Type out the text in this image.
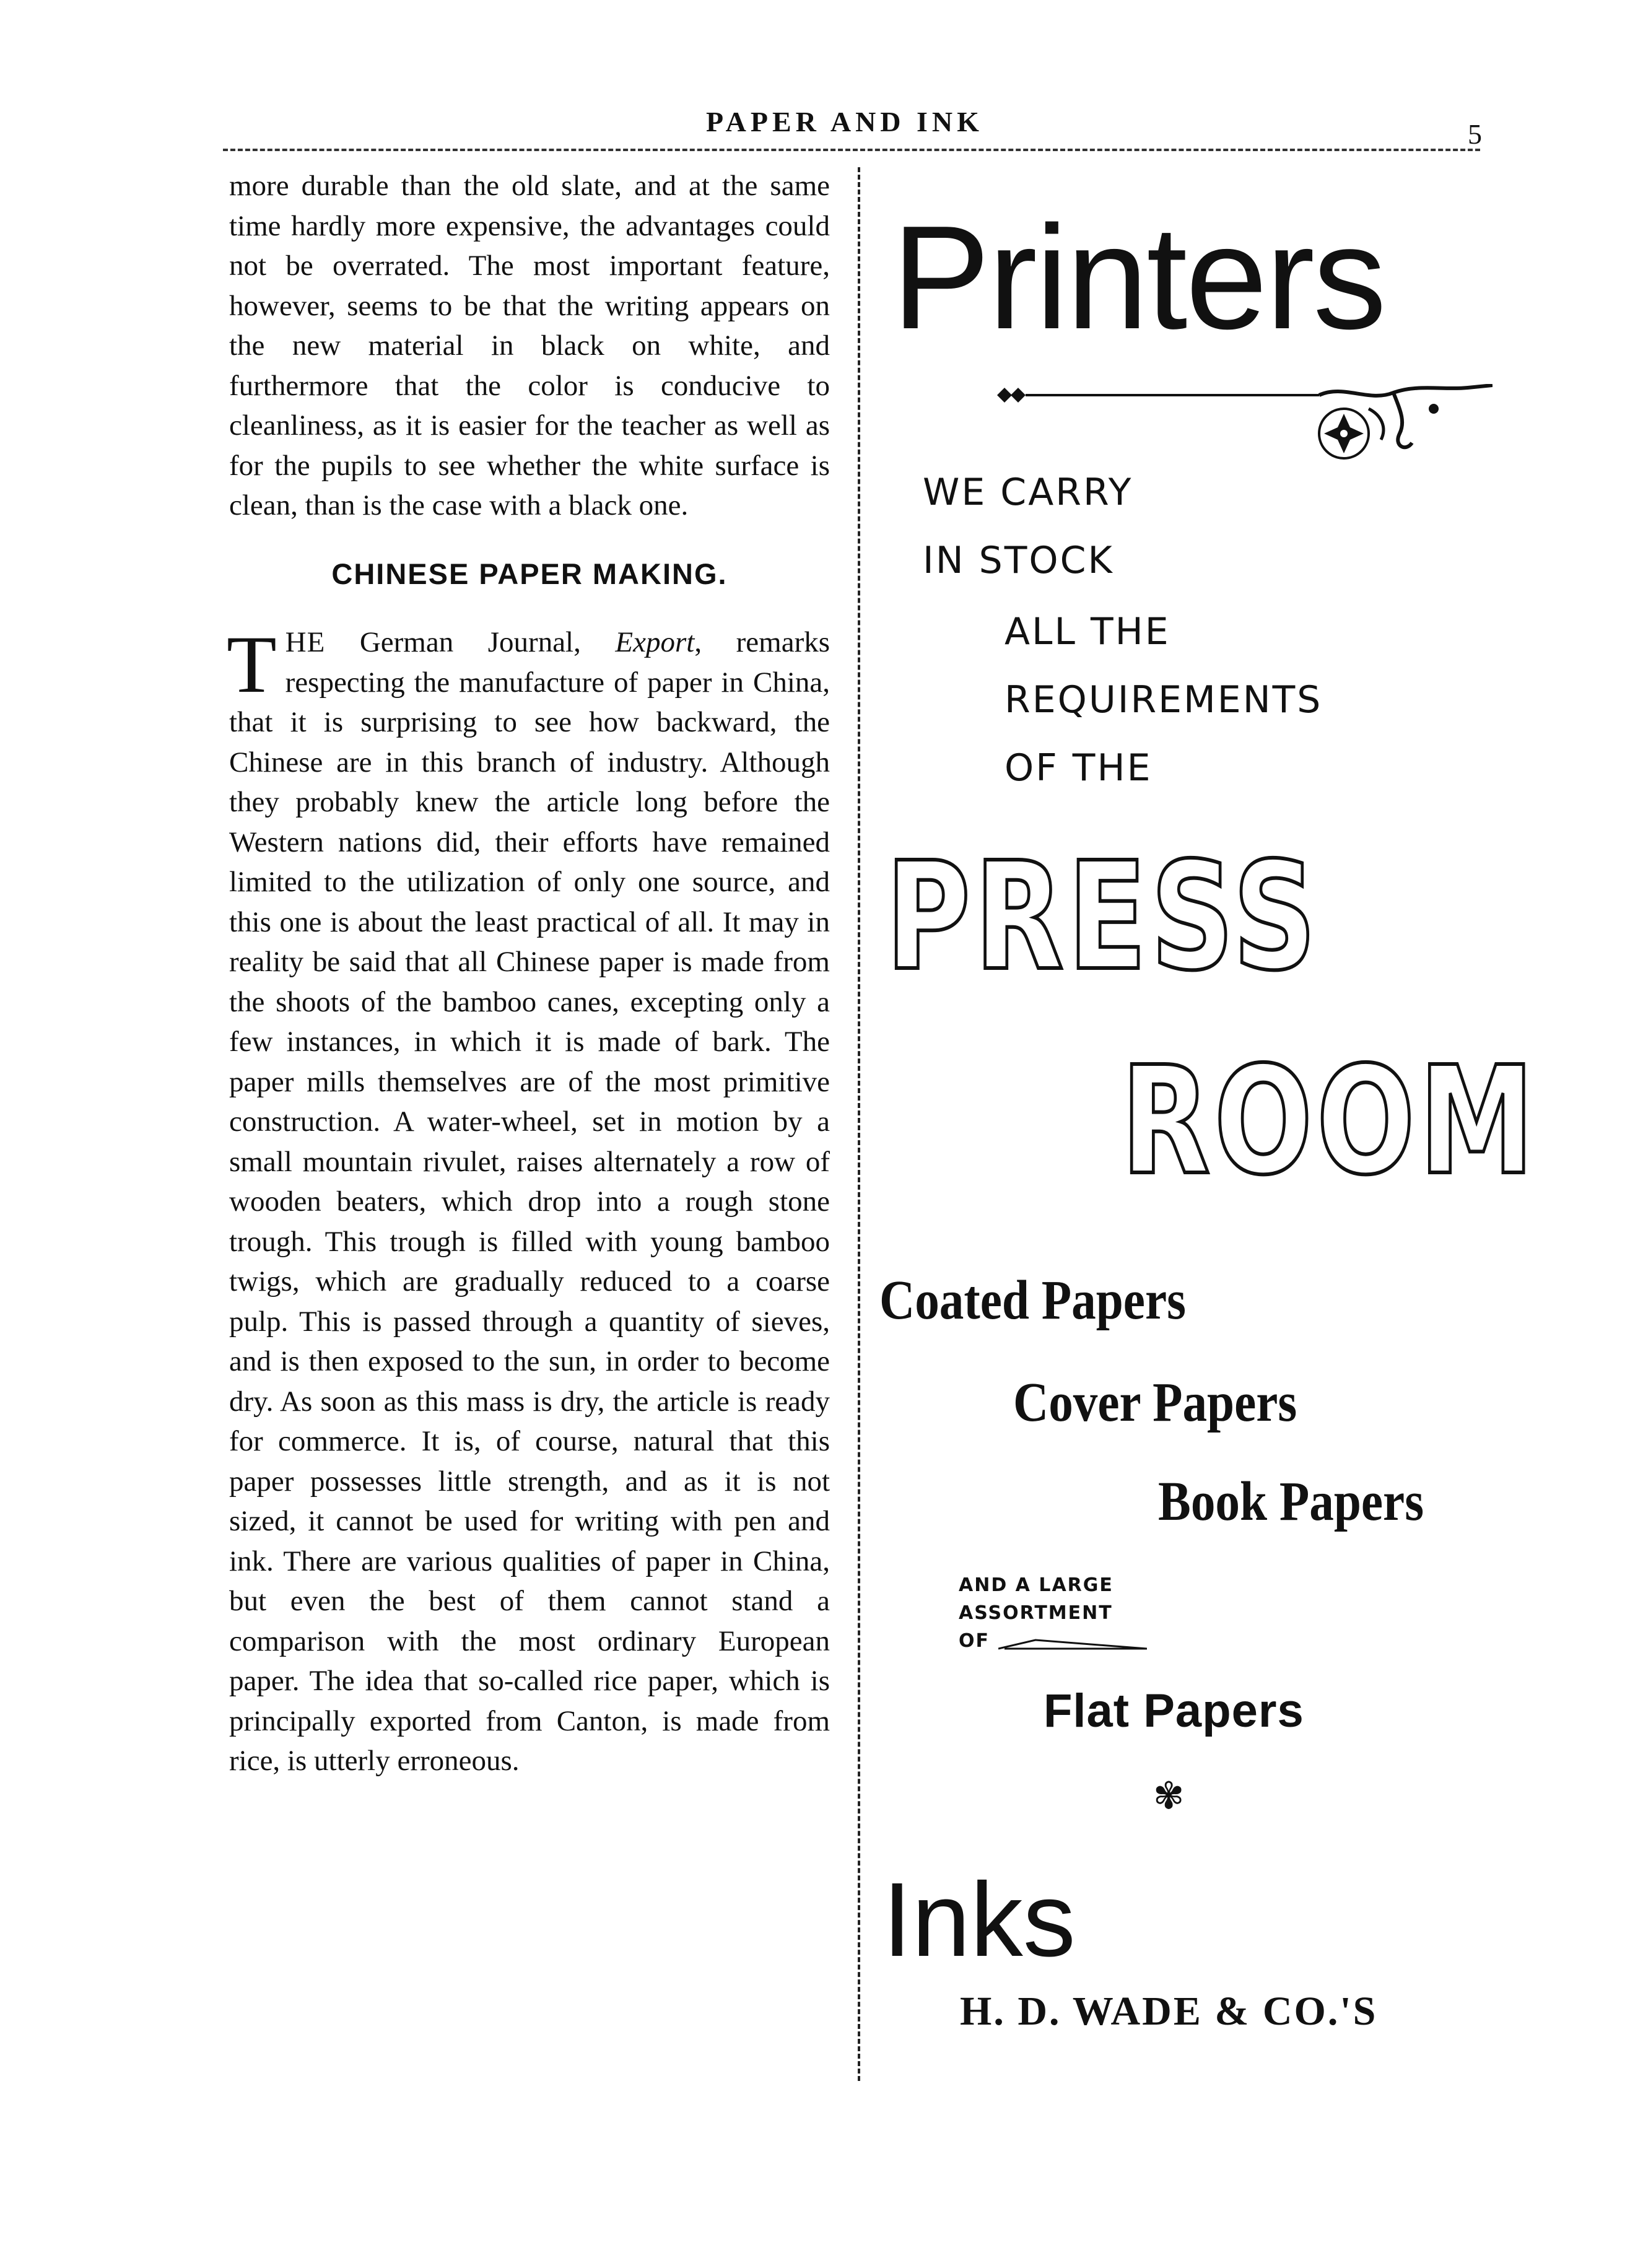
PAPER AND INK	5

more durable than the old slate, and at the same time hardly more expensive, the advantages could not be overrated. The most important feature, however, seems to be that the writing appears on the new material in black on white, and furthermore that the color is conducive to cleanliness, as it is easier for the teacher as well as for the pupils to see whether the white surface is clean, than is the case with a black one.

CHINESE PAPER MAKING.

THE German Journal, Export, remarks respecting the manufacture of paper in China, that it is surprising to see how backward, the Chinese are in this branch of industry. Although they probably knew the article long before the Western nations did, their efforts have remained limited to the utilization of only one source, and this one is about the least practical of all. It may in reality be said that all Chinese paper is made from the shoots of the bamboo canes, excepting only a few instances, in which it is made of bark. The paper mills themselves are of the most primitive construction. A water-wheel, set in motion by a small mountain rivulet, raises alternately a row of wooden beaters, which drop into a rough stone trough. This trough is filled with young bamboo twigs, which are gradually reduced to a coarse pulp. This is passed through a quantity of sieves, and is then exposed to the sun, in order to become dry. As soon as this mass is dry, the article is ready for commerce. It is, of course, natural that this paper possesses little strength, and as it is not sized, it cannot be used for writing with pen and ink. There are various qualities of paper in China, but even the best of them cannot stand a comparison with the most ordinary European paper. The idea that so-called rice paper, which is principally exported from Canton, is made from rice, is utterly erroneous.

Printers
WE CARRY
IN STOCK
ALL THE
REQUIREMENTS
OF THE
PRESS
ROOM
Coated Papers
Cover Papers
Book Papers
AND A LARGE
ASSORTMENT
OF
Flat Papers
✾
Inks
H. D. WADE & CO.'S
